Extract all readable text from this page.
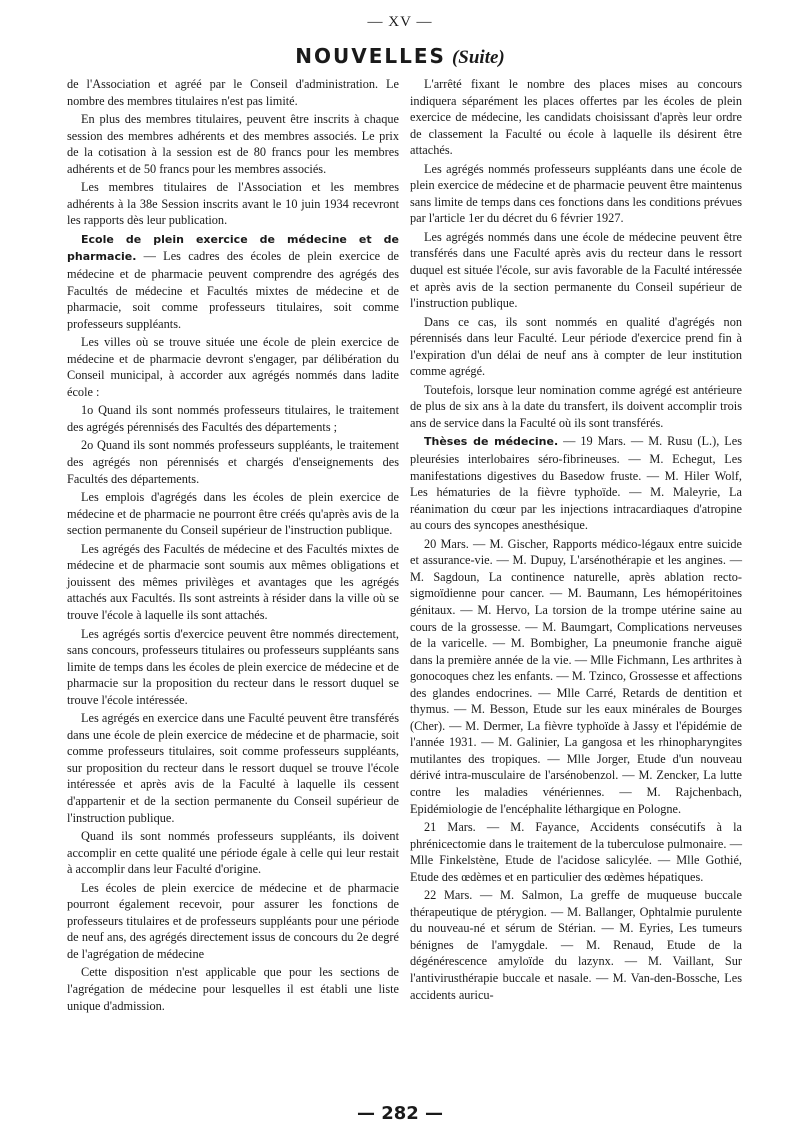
— XV —
NOUVELLES (Suite)

de l'Association et agréé par le Conseil d'administration. Le nombre des membres titulaires n'est pas limité.

En plus des membres titulaires, peuvent être inscrits à chaque session des membres adhérents et des membres associés. Le prix de la cotisation à la session est de 80 francs pour les membres adhérents et de 50 francs pour les membres associés.

Les membres titulaires de l'Association et les membres adhérents à la 38e Session inscrits avant le 10 juin 1934 recevront les rapports dès leur publication.

Ecole de plein exercice de médecine et de pharmacie. — Les cadres des écoles de plein exercice de médecine et de pharmacie peuvent comprendre des agrégés des Facultés de médecine et Facultés mixtes de médecine et de pharmacie, soit comme professeurs titulaires, soit comme professeurs suppléants.

Les villes où se trouve située une école de plein exercice de médecine et de pharmacie devront s'engager, par délibération du Conseil municipal, à accorder aux agrégés nommés dans ladite école :

1o Quand ils sont nommés professeurs titulaires, le traitement des agrégés pérennisés des Facultés des départements ;

2o Quand ils sont nommés professeurs suppléants, le traitement des agrégés non pérennisés et chargés d'enseignements des Facultés des départements.

Les emplois d'agrégés dans les écoles de plein exercice de médecine et de pharmacie ne pourront être créés qu'après avis de la section permanente du Conseil supérieur de l'instruction publique.

Les agrégés des Facultés de médecine et des Facultés mixtes de médecine et de pharmacie sont soumis aux mêmes obligations et jouissent des mêmes privilèges et avantages que les agrégés attachés aux Facultés. Ils sont astreints à résider dans la ville où se trouve l'école à laquelle ils sont attachés.

Les agrégés sortis d'exercice peuvent être nommés directement, sans concours, professeurs titulaires ou professeurs suppléants sans limite de temps dans les écoles de plein exercice de médecine et de pharmacie sur la proposition du recteur dans le ressort duquel se trouve l'école intéressée.

Les agrégés en exercice dans une Faculté peuvent être transférés dans une école de plein exercice de médecine et de pharmacie, soit comme professeurs titulaires, soit comme professeurs suppléants, sur proposition du recteur dans le ressort duquel se trouve l'école intéressée et après avis de la Faculté à laquelle ils cessent d'appartenir et de la section permanente du Conseil supérieur de l'instruction publique.

Quand ils sont nommés professeurs suppléants, ils doivent accomplir en cette qualité une période égale à celle qui leur restait à accomplir dans leur Faculté d'origine.

Les écoles de plein exercice de médecine et de pharmacie pourront également recevoir, pour assurer les fonctions de professeurs titulaires et de professeurs suppléants pour une période de neuf ans, des agrégés directement issus de concours du 2e degré de l'agrégation de médecine

Cette disposition n'est applicable que pour les sections de l'agrégation de médecine pour lesquelles il est établi une liste unique d'admission.

L'arrêté fixant le nombre des places mises au concours indiquera séparément les places offertes par les écoles de plein exercice de médecine, les candidats choisissant d'après leur ordre de classement la Faculté ou école à laquelle ils désirent être attachés.

Les agrégés nommés professeurs suppléants dans une école de plein exercice de médecine et de pharmacie peuvent être maintenus sans limite de temps dans ces fonctions dans les conditions prévues par l'article 1er du décret du 6 février 1927.

Les agrégés nommés dans une école de médecine peuvent être transférés dans une Faculté après avis du recteur dans le ressort duquel est située l'école, sur avis favorable de la Faculté intéressée et après avis de la section permanente du Conseil supérieur de l'instruction publique.

Dans ce cas, ils sont nommés en qualité d'agrégés non pérennisés dans leur Faculté. Leur période d'exercice prend fin à l'expiration d'un délai de neuf ans à compter de leur institution comme agrégé.

Toutefois, lorsque leur nomination comme agrégé est antérieure de plus de six ans à la date du transfert, ils doivent accomplir trois ans de service dans la Faculté où ils sont transférés.

Thèses de médecine. — 19 Mars. — M. Rusu (L.), Les pleurésies interlobaires séro-fibrineuses. — M. Echegut, Les manifestations digestives du Basedow fruste. — M. Hiler Wolf, Les hématuries de la fièvre typhoïde. — M. Maleyrie, La réanimation du cœur par les injections intracardiaques d'atropine au cours des syncopes anesthésique.

20 Mars. — M. Gischer, Rapports médico-légaux entre suicide et assurance-vie. — M. Dupuy, L'arsénothérapie et les angines. — M. Sagdoun, La continence naturelle, après ablation recto-sigmoïdienne pour cancer. — M. Baumann, Les hémopéritoines génitaux. — M. Hervo, La torsion de la trompe utérine saine au cours de la grossesse. — M. Baumgart, Complications nerveuses de la varicelle. — M. Bombigher, La pneumonie franche aiguë dans la première année de la vie. — Mlle Fichmann, Les arthrites à gonocoques chez les enfants. — M. Tzinco, Grossesse et affections des glandes endocrines. — Mlle Carré, Retards de dentition et thymus. — M. Besson, Etude sur les eaux minérales de Bourges (Cher). — M. Dermer, La fièvre typhoïde à Jassy et l'épidémie de l'année 1931. — M. Galinier, La gangosa et les rhinopharyngites mutilantes des tropiques. — Mlle Jorger, Etude d'un nouveau dérivé intra-musculaire de l'arsénobenzol. — M. Zencker, La lutte contre les maladies vénériennes. — M. Rajchenbach, Epidémiologie de l'encéphalite léthargique en Pologne.

21 Mars. — M. Fayance, Accidents consécutifs à la phrénicectomie dans le traitement de la tuberculose pulmonaire. — Mlle Finkelstène, Etude de l'acidose salicylée. — Mlle Gothié, Etude des œdèmes et en particulier des œdèmes hépatiques.

22 Mars. — M. Salmon, La greffe de muqueuse buccale thérapeutique de ptérygion. — M. Ballanger, Ophtalmie purulente du nouveau-né et sérum de Stérian. — M. Eyries, Les tumeurs bénignes de l'amygdale. — M. Renaud, Etude de la dégénérescence amyloïde du lazynx. — M. Vaillant, Sur l'antivirusthérapie buccale et nasale. — M. Van-den-Bossche, Les accidents auricu-

— 282 —
